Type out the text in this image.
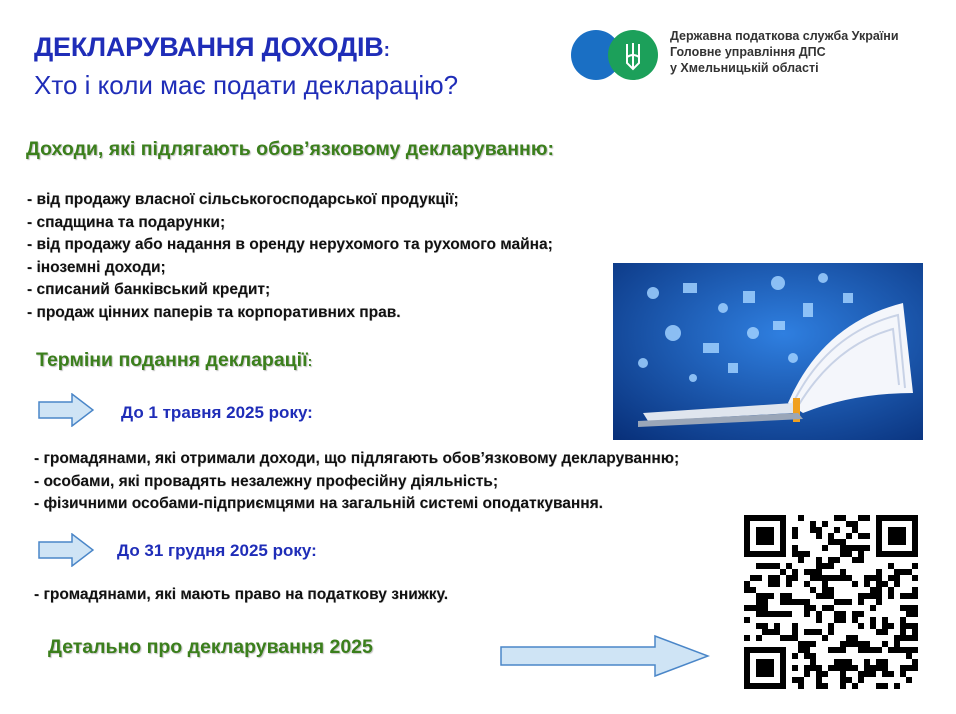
ДЕКЛАРУВАННЯ ДОХОДІВ:
Хто і коли має подати декларацію?
Державна податкова служба України
Головне управління ДПС
у Хмельницькій області
Доходи, які підлягають обов’язковому декларуванню:
- від продажу власної сільськогосподарської продукції;
- спадщина та подарунки;
- від продажу або надання в оренду нерухомого та рухомого майна;
- іноземні доходи;
- списаний банківський кредит;
- продаж цінних паперів та корпоративних прав.
Терміни подання декларації:
До 1 травня 2025 року:
- громадянами, які отримали доходи, що підлягають обов’язковому декларуванню;
- особами, які провадять незалежну професійну діяльність;
- фізичними особами-підприємцями на загальній системі оподаткування.
До 31 грудня 2025 року:
- громадянами, які мають право на податкову знижку.
Детально про декларування 2025
